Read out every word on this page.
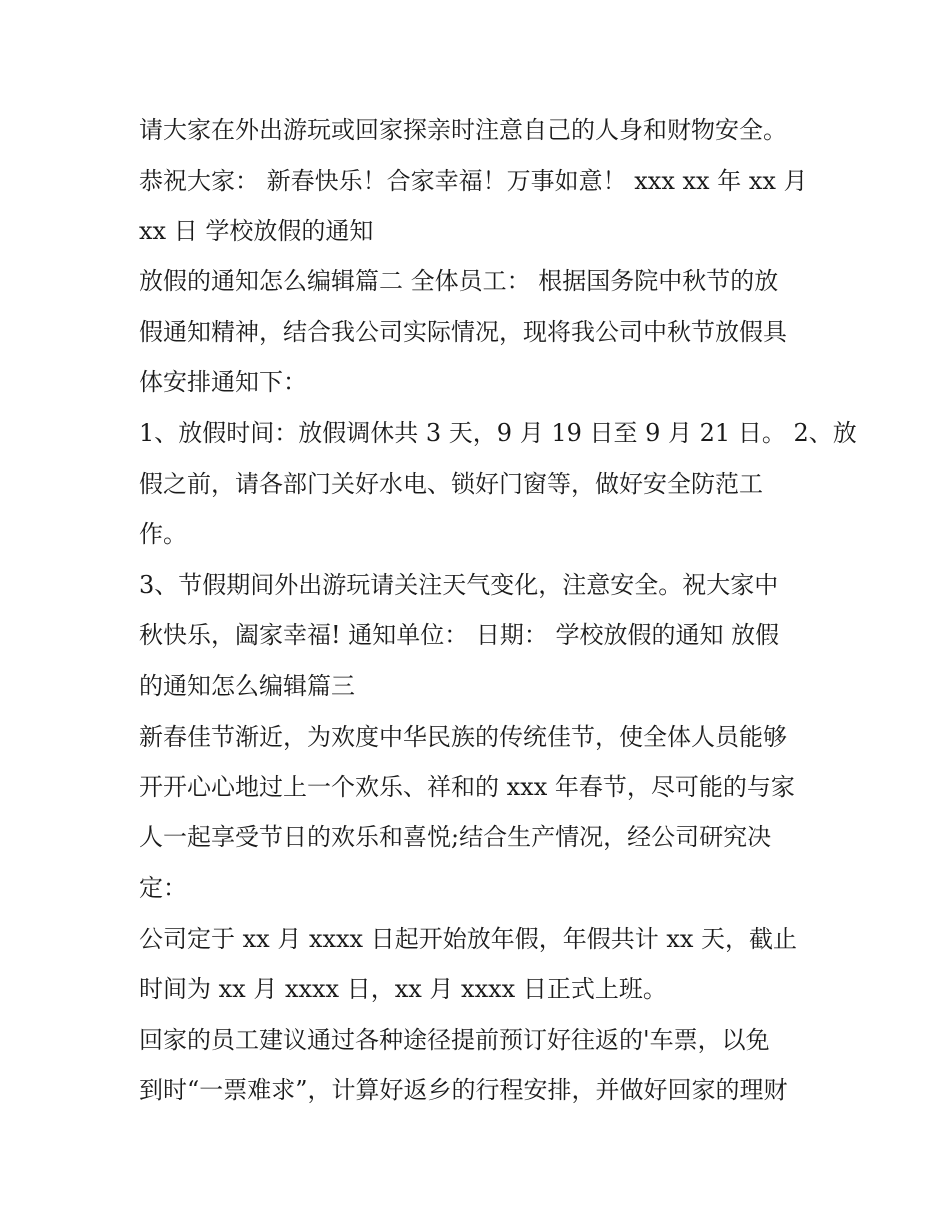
请大家在外出游玩或回家探亲时注意自己的人身和财物安全。
恭祝大家： 新春快乐！合家幸福！万事如意！ xxx xx 年 xx 月
xx 日 学校放假的通知
放假的通知怎么编辑篇二 全体员工： 根据国务院中秋节的放
假通知精神，结合我公司实际情况，现将我公司中秋节放假具
体安排通知下：
1、放假时间：放假调休共 3 天，9 月 19 日至 9 月 21 日。 2、放
假之前，请各部门关好水电、锁好门窗等，做好安全防范工
作。
3、节假期间外出游玩请关注天气变化，注意安全。祝大家中
秋快乐，阖家幸福! 通知单位： 日期： 学校放假的通知 放假
的通知怎么编辑篇三
新春佳节渐近，为欢度中华民族的传统佳节，使全体人员能够
开开心心地过上一个欢乐、祥和的 xxx 年春节，尽可能的与家
人一起享受节日的欢乐和喜悦;结合生产情况，经公司研究决
定：
公司定于 xx 月 xxxx 日起开始放年假，年假共计 xx 天，截止
时间为 xx 月 xxxx 日，xx 月 xxxx 日正式上班。
回家的员工建议通过各种途径提前预订好往返的'车票，以免
到时“一票难求”，计算好返乡的行程安排，并做好回家的理财
